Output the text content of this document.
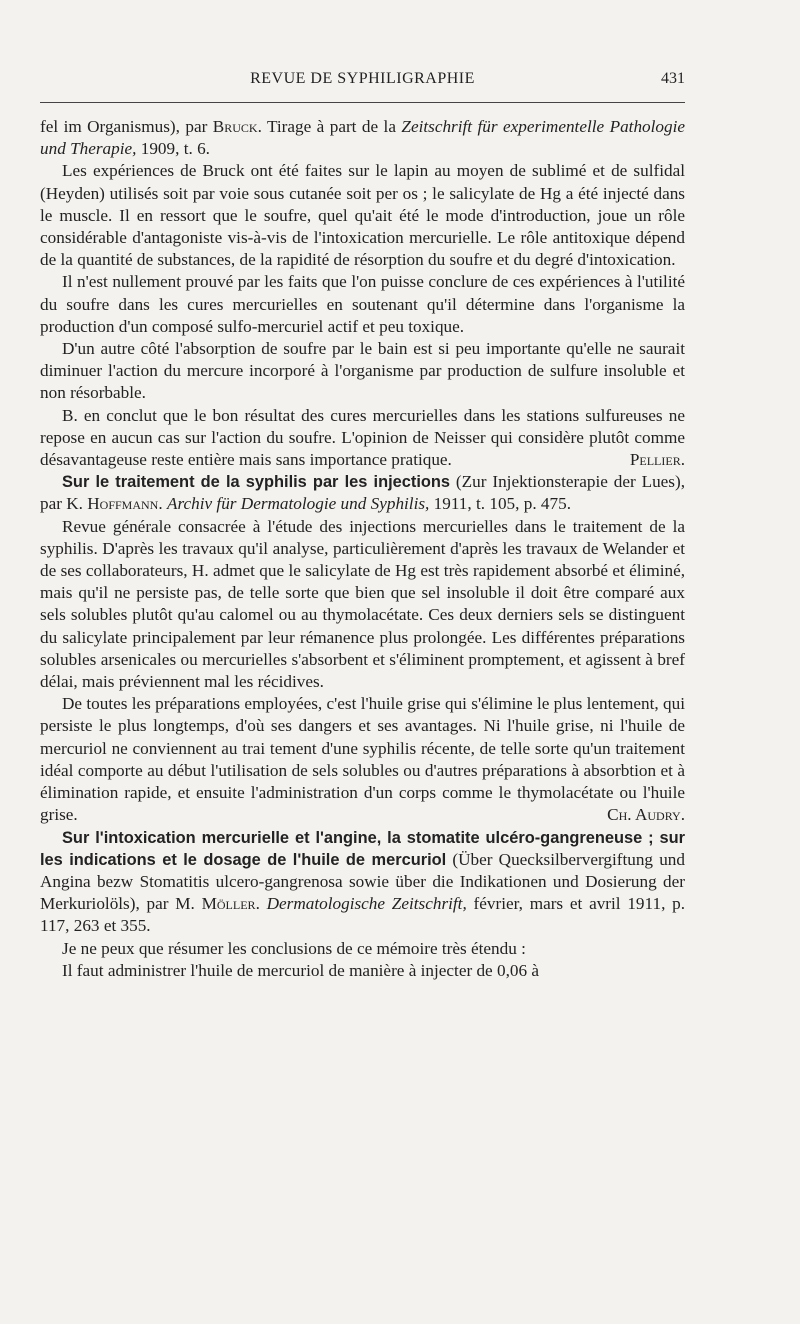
REVUE DE SYPHILIGRAPHIE	431

fel im Organismus), par Bruck. Tirage à part de la Zeitschrift für experimentelle Pathologie und Therapie, 1909, t. 6.

Les expériences de Bruck ont été faites sur le lapin au moyen de sublimé et de sulfidal (Heyden) utilisés soit par voie sous cutanée soit per os ; le salicylate de Hg a été injecté dans le muscle. Il en ressort que le soufre, quel qu'ait été le mode d'introduction, joue un rôle considérable d'antagoniste vis-à-vis de l'intoxication mercurielle. Le rôle antitoxique dépend de la quantité de substances, de la rapidité de résorption du soufre et du degré d'intoxication.

Il n'est nullement prouvé par les faits que l'on puisse conclure de ces expériences à l'utilité du soufre dans les cures mercurielles en soutenant qu'il détermine dans l'organisme la production d'un composé sulfo-mercuriel actif et peu toxique.

D'un autre côté l'absorption de soufre par le bain est si peu importante qu'elle ne saurait diminuer l'action du mercure incorporé à l'organisme par production de sulfure insoluble et non résorbable.

B. en conclut que le bon résultat des cures mercurielles dans les stations sulfureuses ne repose en aucun cas sur l'action du soufre. L'opinion de Neisser qui considère plutôt comme désavantageuse reste entière mais sans importance pratique.	Pellier.

Sur le traitement de la syphilis par les injections (Zur Injektionsterapie der Lues), par K. Hoffmann. Archiv für Dermatologie und Syphilis, 1911, t. 105, p. 475.

Revue générale consacrée à l'étude des injections mercurielles dans le traitement de la syphilis. D'après les travaux qu'il analyse, particulièrement d'après les travaux de Welander et de ses collaborateurs, H. admet que le salicylate de Hg est très rapidement absorbé et éliminé, mais qu'il ne persiste pas, de telle sorte que bien que sel insoluble il doit être comparé aux sels solubles plutôt qu'au calomel ou au thymolacétate. Ces deux derniers sels se distinguent du salicylate principalement par leur rémanence plus prolongée. Les différentes préparations solubles arsenicales ou mercurielles s'absorbent et s'éliminent promptement, et agissent à bref délai, mais préviennent mal les récidives.

De toutes les préparations employées, c'est l'huile grise qui s'élimine le plus lentement, qui persiste le plus longtemps, d'où ses dangers et ses avantages. Ni l'huile grise, ni l'huile de mercuriol ne conviennent au trai tement d'une syphilis récente, de telle sorte qu'un traitement idéal comporte au début l'utilisation de sels solubles ou d'autres préparations à absorbtion et à élimination rapide, et ensuite l'administration d'un corps comme le thymolacétate ou l'huile grise.	Ch. Audry.

Sur l'intoxication mercurielle et l'angine, la stomatite ulcéro-gangreneuse ; sur les indications et le dosage de l'huile de mercuriol (Über Quecksilbervergiftung und Angina bezw Stomatitis ulcero-gangrenosa sowie über die Indikationen und Dosierung der Merkuriolöls), par M. Möller. Dermatologische Zeitschrift, février, mars et avril 1911, p. 117, 263 et 355.

Je ne peux que résumer les conclusions de ce mémoire très étendu :

Il faut administrer l'huile de mercuriol de manière à injecter de 0,06 à
